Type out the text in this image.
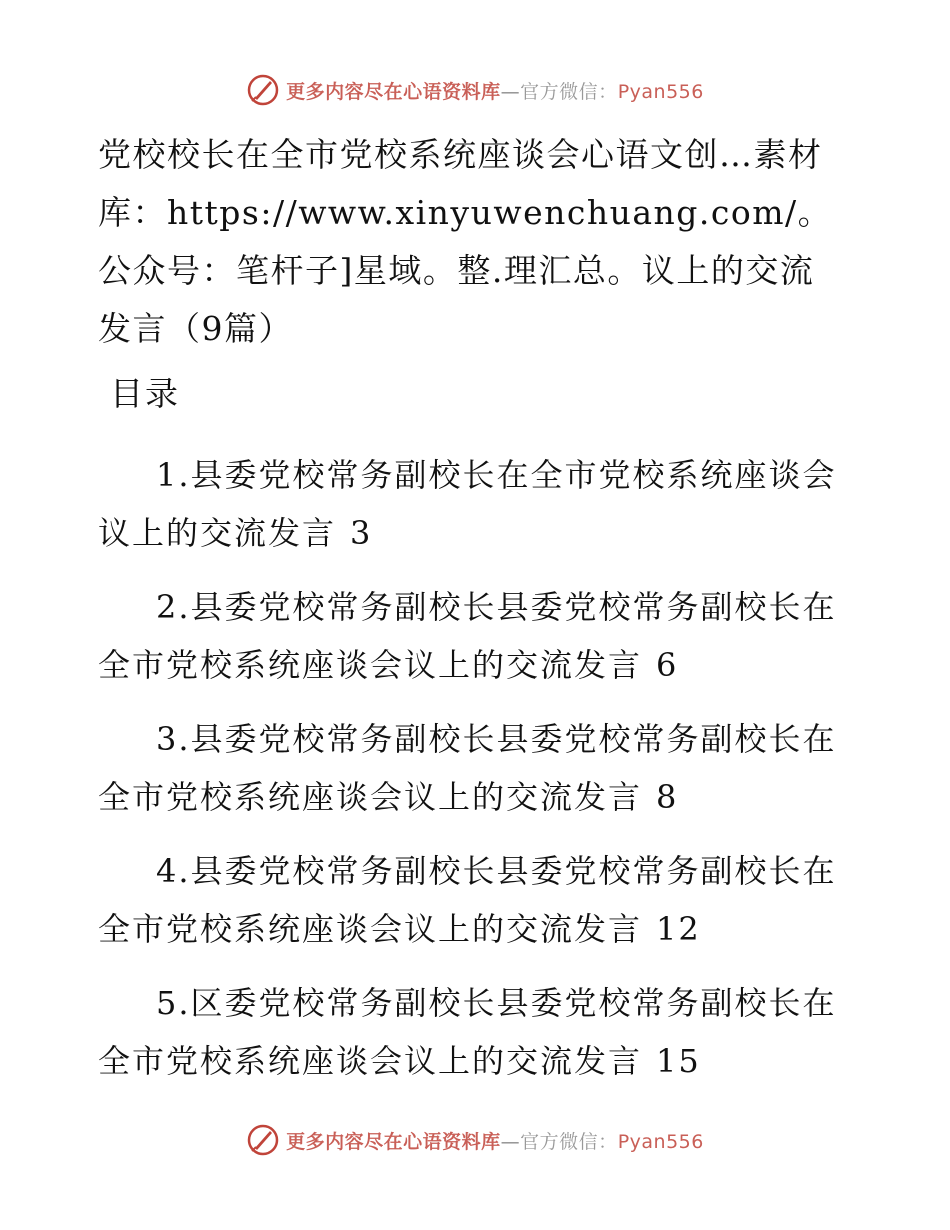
更多内容尽在心语资料库—官方微信：Pyan556
党校校长在全市党校系统座谈会心语文创…素材库：https://www.xinyuwenchuang.com/。公众号：笔杆子]星域。整.理汇总。议上的交流发言（9篇）
目录
1.县委党校常务副校长在全市党校系统座谈会议上的交流发言 3
2.县委党校常务副校长县委党校常务副校长在全市党校系统座谈会议上的交流发言 6
3.县委党校常务副校长县委党校常务副校长在全市党校系统座谈会议上的交流发言 8
4.县委党校常务副校长县委党校常务副校长在全市党校系统座谈会议上的交流发言 12
5.区委党校常务副校长县委党校常务副校长在全市党校系统座谈会议上的交流发言 15
更多内容尽在心语资料库—官方微信：Pyan556
